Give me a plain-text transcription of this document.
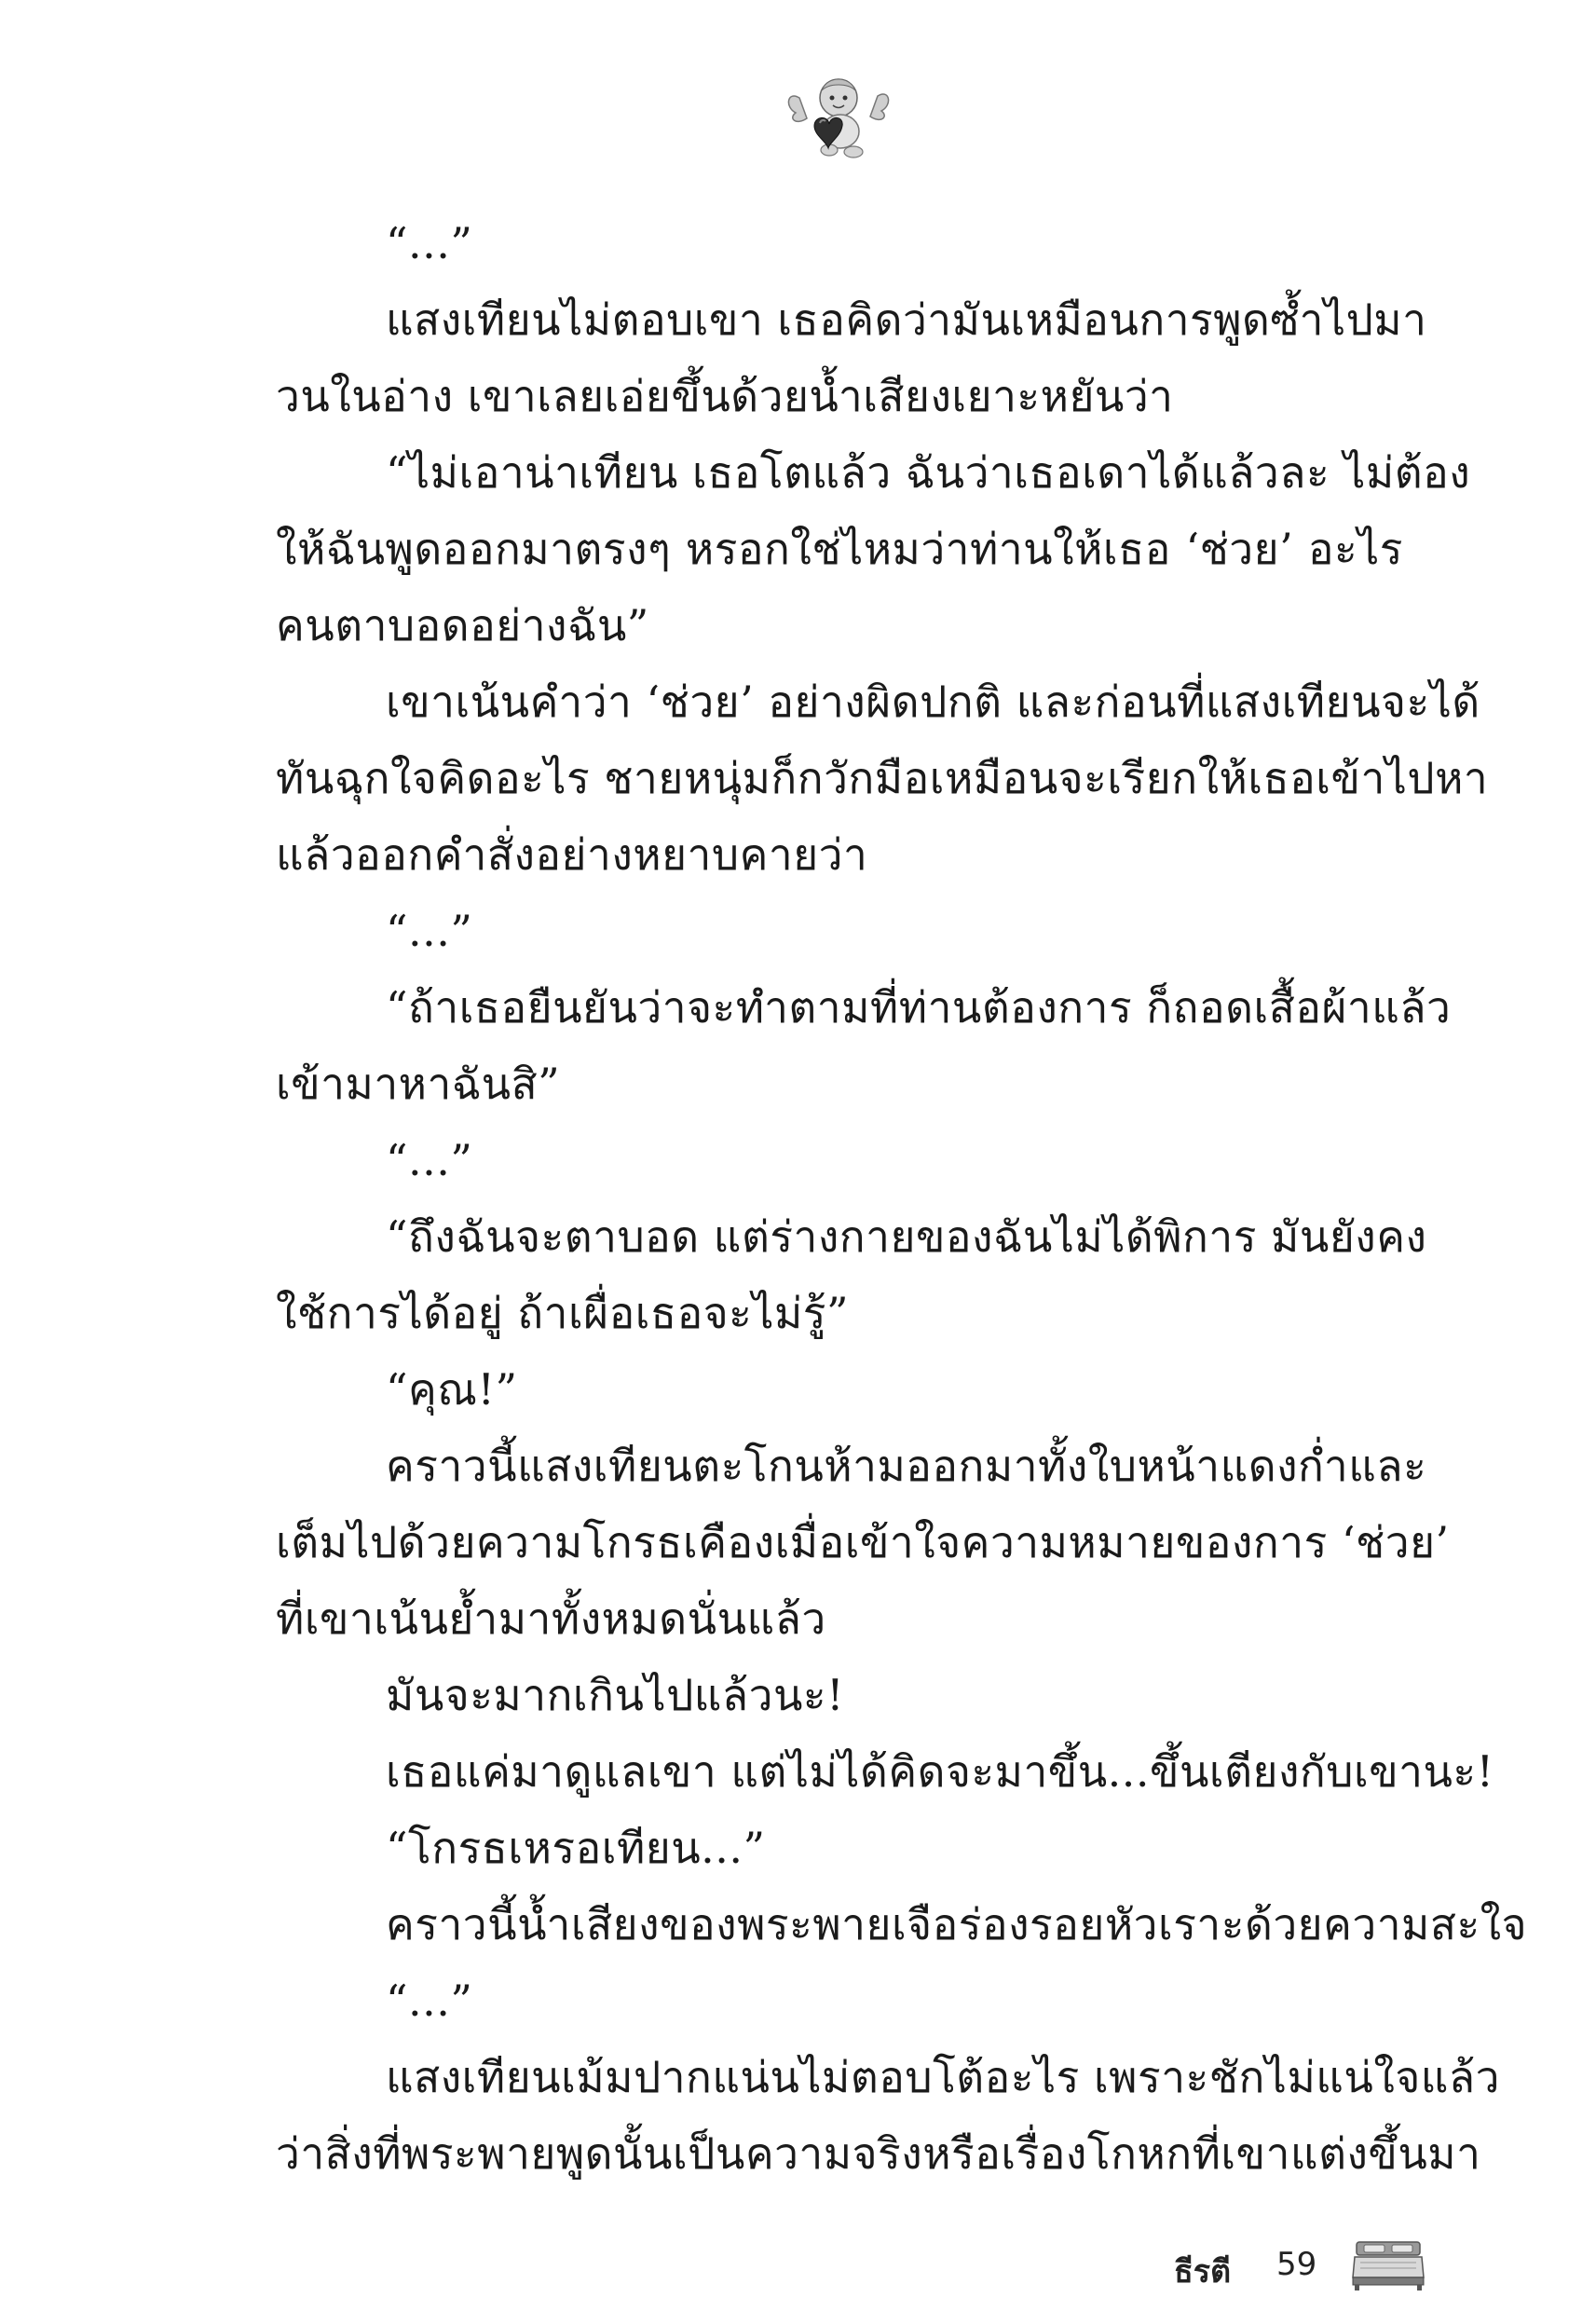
“...”
แสงเทียนไม่ตอบเขา เธอคิดว่ามันเหมือนการพูดซ้ำไปมา
วนในอ่าง เขาเลยเอ่ยขึ้นด้วยน้ำเสียงเยาะหยันว่า
“ไม่เอาน่าเทียน เธอโตแล้ว ฉันว่าเธอเดาได้แล้วละ ไม่ต้อง
ให้ฉันพูดออกมาตรงๆ หรอกใช่ไหมว่าท่านให้เธอ ‘ช่วย’ อะไร
คนตาบอดอย่างฉัน”
เขาเน้นคำว่า ‘ช่วย’ อย่างผิดปกติ และก่อนที่แสงเทียนจะได้
ทันฉุกใจคิดอะไร ชายหนุ่มก็กวักมือเหมือนจะเรียกให้เธอเข้าไปหา
แล้วออกคำสั่งอย่างหยาบคายว่า
“...”
“ถ้าเธอยืนยันว่าจะทำตามที่ท่านต้องการ ก็ถอดเสื้อผ้าแล้ว
เข้ามาหาฉันสิ”
“...”
“ถึงฉันจะตาบอด แต่ร่างกายของฉันไม่ได้พิการ มันยังคง
ใช้การได้อยู่ ถ้าเผื่อเธอจะไม่รู้”
“คุณ!”
คราวนี้แสงเทียนตะโกนห้ามออกมาทั้งใบหน้าแดงก่ำและ
เต็มไปด้วยความโกรธเคืองเมื่อเข้าใจความหมายของการ ‘ช่วย’
ที่เขาเน้นย้ำมาทั้งหมดนั่นแล้ว
มันจะมากเกินไปแล้วนะ!
เธอแค่มาดูแลเขา แต่ไม่ได้คิดจะมาขึ้น...ขึ้นเตียงกับเขานะ!
“โกรธเหรอเทียน...”
คราวนี้น้ำเสียงของพระพายเจือร่องรอยหัวเราะด้วยความสะใจ
“...”
แสงเทียนเม้มปากแน่นไม่ตอบโต้อะไร เพราะชักไม่แน่ใจแล้ว
ว่าสิ่งที่พระพายพูดนั้นเป็นความจริงหรือเรื่องโกหกที่เขาแต่งขึ้นมา
ธีรตี 59
